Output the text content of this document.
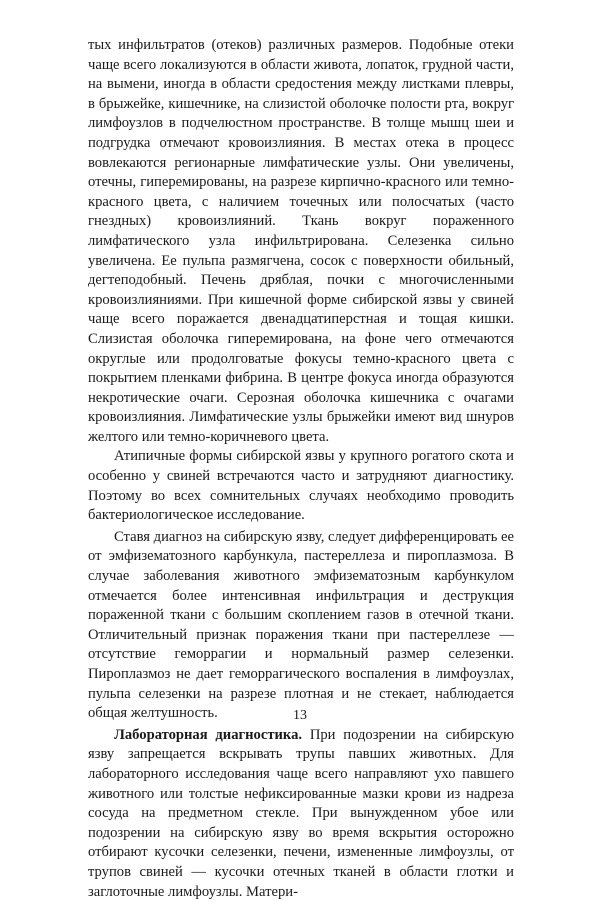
тых инфильтратов (отеков) различных размеров. Подобные отеки чаще всего локализуются в области живота, лопаток, грудной части, на вымени, иногда в области средостения между листками плевры, в брыжейке, кишечнике, на слизистой оболочке полости рта, вокруг лимфоузлов в подчелюстном пространстве. В толще мышц шеи и подгрудка отмечают кровоизлияния. В местах отека в процесс вовлекаются регионарные лимфатические узлы. Они увеличены, отечны, гиперемированы, на разрезе кирпично-красного или темно-красного цвета, с наличием точечных или полосчатых (часто гнездных) кровоизлияний. Ткань вокруг пораженного лимфатического узла инфильтрирована. Селезенка сильно увеличена. Ее пульпа размягчена, сосок с поверхности обильный, дегтеподобный. Печень дряблая, почки с многочисленными кровоизлияниями. При кишечной форме сибирской язвы у свиней чаще всего поражается двенадцатиперстная и тощая кишки. Слизистая оболочка гиперемирована, на фоне чего отмечаются округлые или продолговатые фокусы темно-красного цвета с покрытием пленками фибрина. В центре фокуса иногда образуются некротические очаги. Серозная оболочка кишечника с очагами кровоизлияния. Лимфатические узлы брыжейки имеют вид шнуров желтого или темно-коричневого цвета.

Атипичные формы сибирской язвы у крупного рогатого скота и особенно у свиней встречаются часто и затрудняют диагностику. Поэтому во всех сомнительных случаях необходимо проводить бактериологическое исследование.

Ставя диагноз на сибирскую язву, следует дифференцировать ее от эмфизематозного карбункула, пастереллеза и пироплазмоза. В случае заболевания животного эмфизематозным карбункулом отмечается более интенсивная инфильтрация и деструкция пораженной ткани с большим скоплением газов в отечной ткани. Отличительный признак поражения ткани при пастереллезе — отсутствие геморрагии и нормальный размер селезенки. Пироплазмоз не дает геморрагического воспаления в лимфоузлах, пульпа селезенки на разрезе плотная и не стекает, наблюдается общая желтушность.

Лабораторная диагностика. При подозрении на сибирскую язву запрещается вскрывать трупы павших животных. Для лабораторного исследования чаще всего направляют ухо павшего животного или толстые нефиксированные мазки крови из надреза сосуда на предметном стекле. При вынужденном убое или подозрении на сибирскую язву во время вскрытия осторожно отбирают кусочки селезенки, печени, измененные лимфоузлы, от трупов свиней — кусочки отечных тканей в области глотки и заглоточные лимфоузлы. Матери-

13
